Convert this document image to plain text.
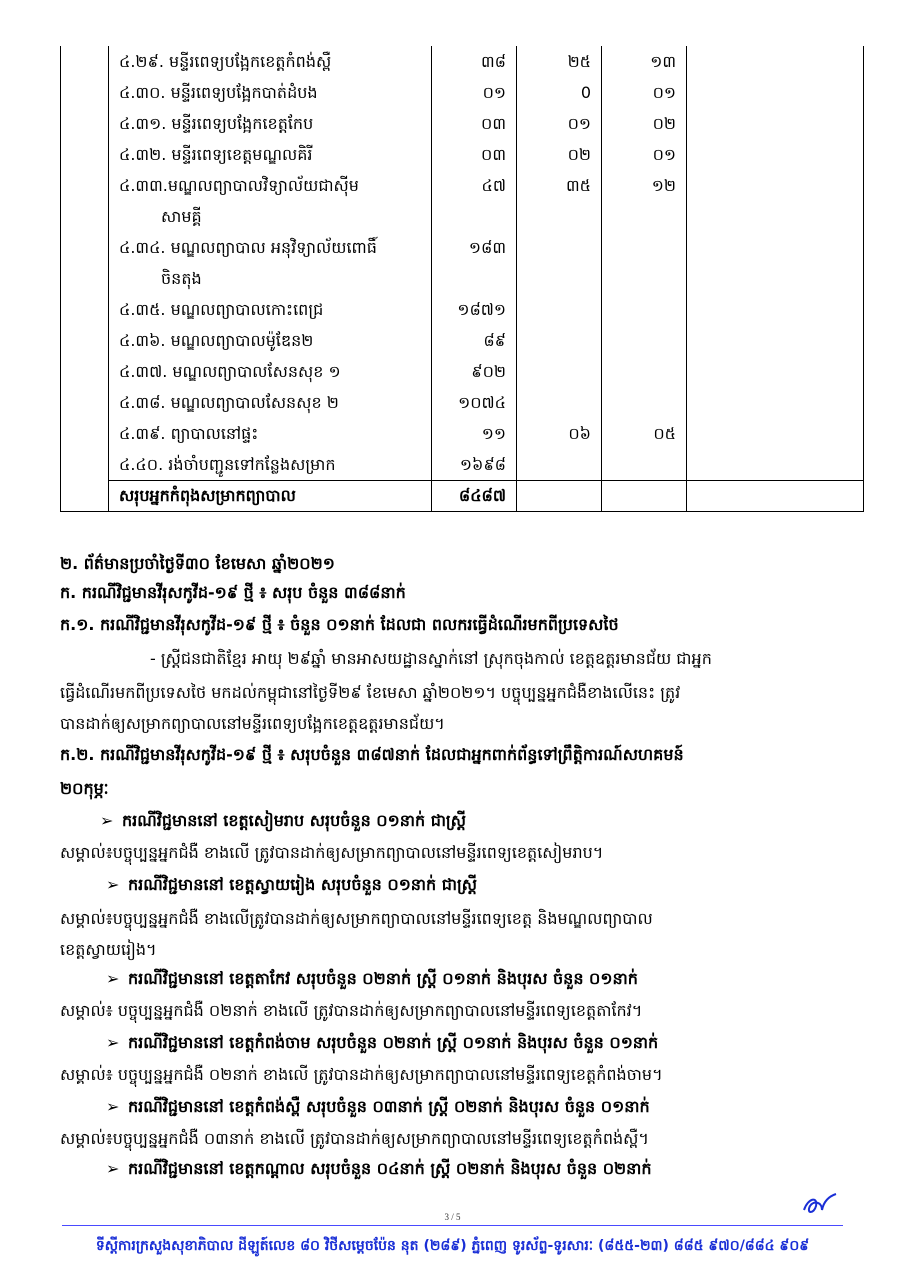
	៤.២៩. មន្ទីរពេទ្យបង្អែកខេត្តកំពង់ស្ពឺ	៣៨	២៥	១៣	

	៤.៣០. មន្ទីរពេទ្យបង្អែកបាត់ដំបង	០១	0	០១	

	៤.៣១. មន្ទីរពេទ្យបង្អែកខេត្តកែប	០៣	០១	០២	

	៤.៣២. មន្ទីរពេទ្យខេត្តមណ្ឌលគិរី	០៣	០២	០១	

	៤.៣៣.មណ្ឌលព្យាបាលវិទ្យាល័យជាស៊ីម
សាមគ្គី	៤៧	៣៥	១២	

	៤.៣៤. មណ្ឌលព្យាបាល អនុវិទ្យាល័យពោធិ៍
ចិនតុង	១៨៣			

	៤.៣៥. មណ្ឌលព្យាបាលកោះពេជ្រ	១៨៧១			

	៤.៣៦. មណ្ឌលព្យាបាលម៉ូឌែន២	៨៩			

	៤.៣៧. មណ្ឌលព្យាបាលសែនសុខ ១	៩០២			

	៤.៣៨. មណ្ឌលព្យាបាលសែនសុខ ២	១០៧៤			

	៤.៣៩. ព្យាបាលនៅផ្ទះ	១១	០៦	០៥	

	៤.៤០. រង់ចាំបញ្ជូនទៅកន្លែងសម្រាក	១៦៩៨			
	សរុបអ្នកកំពុងសម្រាកព្យាបាល	៨៤៨៧			
២. ព័ត៌មានប្រចាំថ្ងៃទី៣០ ខែមេសា ឆ្នាំ២០២១
ក. ករណីវិជ្ជមានវីរុសកូវីដ-១៩ ថ្មី ៖ សរុប ចំនួន ៣៨៨នាក់
ក.១. ករណីវិជ្ជមានវីរុសកូវីដ-១៩ ថ្មី ៖ ចំនួន ០១នាក់ ដែលជា ពលករធ្វើដំណើរមកពីប្រទេសថៃ
- ស្ត្រីជនជាតិខ្មែរ អាយុ ២៩ឆ្នាំ មានអាសយដ្ឋានស្នាក់នៅ ស្រុកចុងកាល់ ខេត្តឧត្តរមានជ័យ ជាអ្នក
ធ្វើដំណើរមកពីប្រទេសថៃ មកដល់កម្ពុជានៅថ្ងៃទី២៩ ខែមេសា ឆ្នាំ២០២១។ បច្ចុប្បន្នអ្នកជំងឺខាងលើនេះ ត្រូវ
បានដាក់ឲ្យសម្រាកព្យាបាលនៅមន្ទីរពេទ្យបង្អែកខេត្តឧត្តរមានជ័យ។
ក.២. ករណីវិជ្ជមានវីរុសកូវីដ-១៩ ថ្មី ៖ សរុបចំនួន ៣៨៧នាក់ ដែលជាអ្នកពាក់ព័ន្ធទៅព្រឹត្តិការណ៍សហគមន៍
២០កុម្ភៈ
➢ ករណីវិជ្ជមាននៅ ខេត្តសៀមរាប សរុបចំនួន ០១នាក់ ជាស្ត្រី
សម្គាល់៖បច្ចុប្បន្នអ្នកជំងឺ ខាងលើ ត្រូវបានដាក់ឲ្យសម្រាកព្យាបាលនៅមន្ទីរពេទ្យខេត្តសៀមរាប។
➢ ករណីវិជ្ជមាននៅ ខេត្តស្វាយរៀង សរុបចំនួន ០១នាក់ ជាស្ត្រី
សម្គាល់៖បច្ចុប្បន្នអ្នកជំងឺ ខាងលើត្រូវបានដាក់ឲ្យសម្រាកព្យាបាលនៅមន្ទីរពេទ្យខេត្ត និងមណ្ឌលព្យាបាល
ខេត្តស្វាយរៀង។
➢ ករណីវិជ្ជមាននៅ ខេត្តតាកែវ សរុបចំនួន ០២នាក់ ស្ត្រី ០១នាក់ និងបុរស ចំនួន ០១នាក់
សម្គាល់៖ បច្ចុប្បន្នអ្នកជំងឺ ០២នាក់ ខាងលើ ត្រូវបានដាក់ឲ្យសម្រាកព្យាបាលនៅមន្ទីរពេទ្យខេត្តតាកែវ។
➢ ករណីវិជ្ជមាននៅ ខេត្តកំពង់ចាម សរុបចំនួន ០២នាក់ ស្ត្រី ០១នាក់ និងបុរស ចំនួន ០១នាក់
សម្គាល់៖ បច្ចុប្បន្នអ្នកជំងឺ ០២នាក់ ខាងលើ ត្រូវបានដាក់ឲ្យសម្រាកព្យាបាលនៅមន្ទីរពេទ្យខេត្តកំពង់ចាម។
➢ ករណីវិជ្ជមាននៅ ខេត្តកំពង់ស្ពឺ សរុបចំនួន ០៣នាក់ ស្ត្រី ០២នាក់ និងបុរស ចំនួន ០១នាក់
សម្គាល់៖បច្ចុប្បន្នអ្នកជំងឺ ០៣នាក់ ខាងលើ ត្រូវបានដាក់ឲ្យសម្រាកព្យាបាលនៅមន្ទីរពេទ្យខេត្តកំពង់ស្ពឺ។
➢ ករណីវិជ្ជមាននៅ ខេត្តកណ្តាល សរុបចំនួន ០៤នាក់ ស្ត្រី ០២នាក់ និងបុរស ចំនួន ០២នាក់
3 / 5
ទីស្តីការក្រសួងសុខាភិបាល ដីឡូត៍លេខ ៨០ វិថីសម្តេចប៉ែន នុត (២៨៩) ភ្នំពេញ ទូរស័ព្ទ-ទូរសារៈ (៨៥៥-២៣) ៨៨៥ ៩៧០/៨៨៤ ៩០៩
